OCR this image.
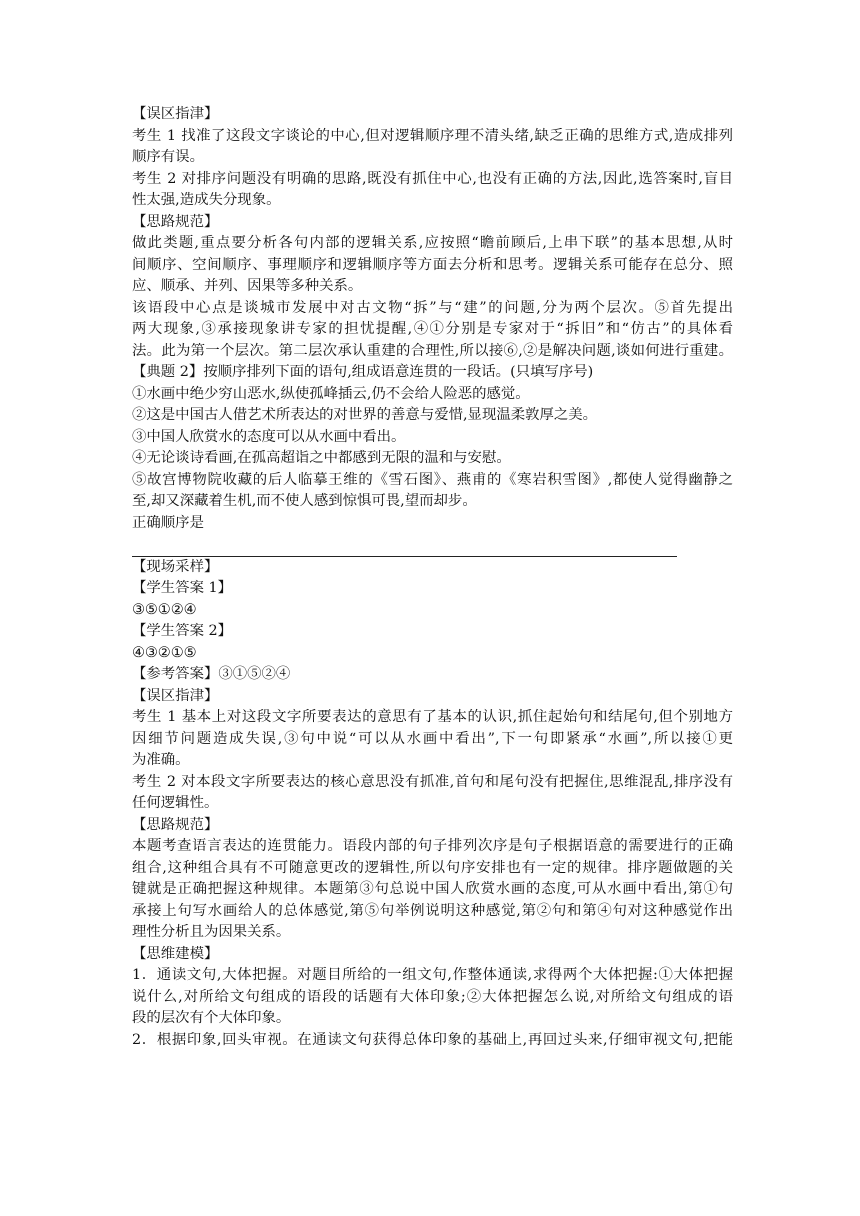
【误区指津】
考生 1 找准了这段文字谈论的中心,但对逻辑顺序理不清头绪,缺乏正确的思维方式,造成排列
顺序有误。
考生 2 对排序问题没有明确的思路,既没有抓住中心,也没有正确的方法,因此,选答案时,盲目
性太强,造成失分现象。
【思路规范】
做此类题,重点要分析各句内部的逻辑关系,应按照“瞻前顾后,上串下联”的基本思想,从时
间顺序、空间顺序、事理顺序和逻辑顺序等方面去分析和思考。逻辑关系可能存在总分、照
应、顺承、并列、因果等多种关系。
该语段中心点是谈城市发展中对古文物“拆”与“建”的问题,分为两个层次。⑤首先提出
两大现象,③承接现象讲专家的担忧提醒,④①分别是专家对于“拆旧”和“仿古”的具体看
法。此为第一个层次。第二层次承认重建的合理性,所以接⑥,②是解决问题,谈如何进行重建。
【典题 2】按顺序排列下面的语句,组成语意连贯的一段话。(只填写序号)
①水画中绝少穷山恶水,纵使孤峰插云,仍不会给人险恶的感觉。
②这是中国古人借艺术所表达的对世界的善意与爱惜,显现温柔敦厚之美。
③中国人欣赏水的态度可以从水画中看出。
④无论谈诗看画,在孤高超诣之中都感到无限的温和与安慰。
⑤故宫博物院收藏的后人临摹王维的《雪石图》、燕甫的《寒岩积雪图》,都使人觉得幽静之
至,却又深藏着生机,而不使人感到惊惧可畏,望而却步。
正确顺序是
【现场采样】
【学生答案 1】
③⑤①②④
【学生答案 2】
④③②①⑤
【参考答案】③①⑤②④
【误区指津】
考生 1 基本上对这段文字所要表达的意思有了基本的认识,抓住起始句和结尾句,但个别地方
因细节问题造成失误,③句中说“可以从水画中看出”,下一句即紧承“水画”,所以接①更
为准确。
考生 2 对本段文字所要表达的核心意思没有抓准,首句和尾句没有把握住,思维混乱,排序没有
任何逻辑性。
【思路规范】
本题考查语言表达的连贯能力。语段内部的句子排列次序是句子根据语意的需要进行的正确
组合,这种组合具有不可随意更改的逻辑性,所以句序安排也有一定的规律。排序题做题的关
键就是正确把握这种规律。本题第③句总说中国人欣赏水画的态度,可从水画中看出,第①句
承接上句写水画给人的总体感觉,第⑤句举例说明这种感觉,第②句和第④句对这种感觉作出
理性分析且为因果关系。
【思维建模】
1．通读文句,大体把握。对题目所给的一组文句,作整体通读,求得两个大体把握:①大体把握
说什么,对所给文句组成的语段的话题有大体印象;②大体把握怎么说,对所给文句组成的语
段的层次有个大体印象。
2．根据印象,回头审视。在通读文句获得总体印象的基础上,再回过头来,仔细审视文句,把能
